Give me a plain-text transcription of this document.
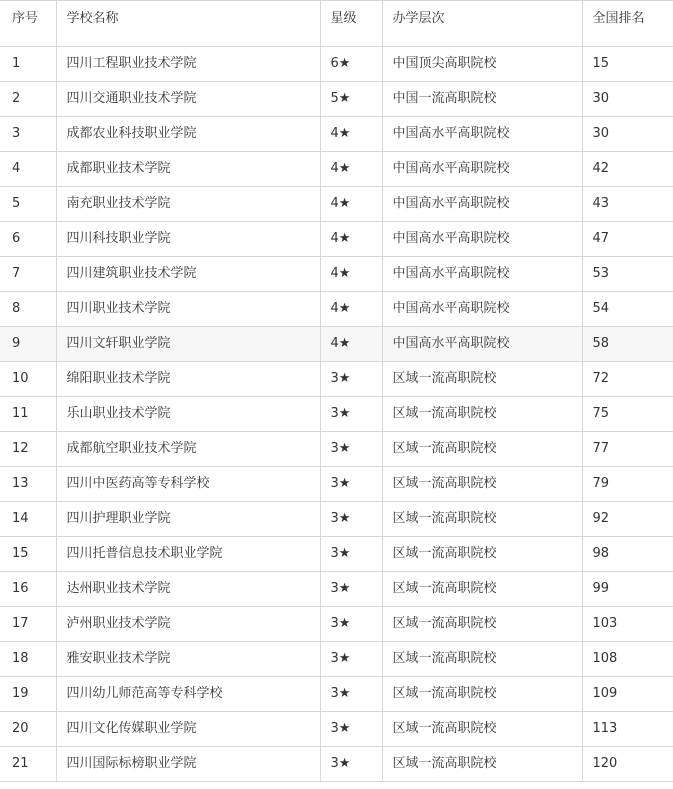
序号	学校名称	星级	办学层次	全国排名
1	四川工程职业技术学院	6★	中国顶尖高职院校	15
2	四川交通职业技术学院	5★	中国一流高职院校	30
3	成都农业科技职业学院	4★	中国高水平高职院校	30
4	成都职业技术学院	4★	中国高水平高职院校	42
5	南充职业技术学院	4★	中国高水平高职院校	43
6	四川科技职业学院	4★	中国高水平高职院校	47
7	四川建筑职业技术学院	4★	中国高水平高职院校	53
8	四川职业技术学院	4★	中国高水平高职院校	54
9	四川文轩职业学院	4★	中国高水平高职院校	58
10	绵阳职业技术学院	3★	区域一流高职院校	72
11	乐山职业技术学院	3★	区域一流高职院校	75
12	成都航空职业技术学院	3★	区域一流高职院校	77
13	四川中医药高等专科学校	3★	区域一流高职院校	79
14	四川护理职业学院	3★	区域一流高职院校	92
15	四川托普信息技术职业学院	3★	区域一流高职院校	98
16	达州职业技术学院	3★	区域一流高职院校	99
17	泸州职业技术学院	3★	区域一流高职院校	103
18	雅安职业技术学院	3★	区域一流高职院校	108
19	四川幼儿师范高等专科学校	3★	区域一流高职院校	109
20	四川文化传媒职业学院	3★	区域一流高职院校	113
21	四川国际标榜职业学院	3★	区域一流高职院校	120
